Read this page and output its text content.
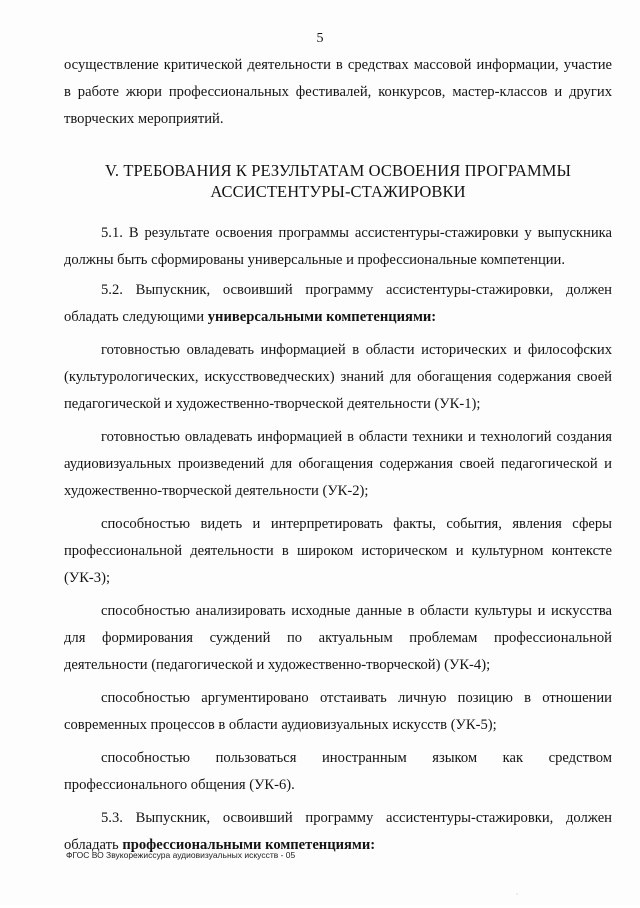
5

осуществление критической деятельности в средствах массовой информации, участие в работе жюри профессиональных фестивалей, конкурсов, мастер-классов и других творческих мероприятий.

V. ТРЕБОВАНИЯ К РЕЗУЛЬТАТАМ ОСВОЕНИЯ ПРОГРАММЫ
АССИСТЕНТУРЫ-СТАЖИРОВКИ

5.1. В результате освоения программы ассистентуры-стажировки у выпускника должны быть сформированы универсальные и профессиональные компетенции.

5.2. Выпускник, освоивший программу ассистентуры-стажировки, должен обладать следующими универсальными компетенциями:

готовностью овладевать информацией в области исторических и философских (культурологических, искусствоведческих) знаний для обогащения содержания своей педагогической и художественно-творческой деятельности (УК-1);

готовностью овладевать информацией в области техники и технологий создания аудиовизуальных произведений для обогащения содержания своей педагогической и художественно-творческой деятельности (УК-2);

способностью видеть и интерпретировать факты, события, явления сферы профессиональной деятельности в широком историческом и культурном контексте (УК-3);

способностью анализировать исходные данные в области культуры и искусства для формирования суждений по актуальным проблемам профессиональной деятельности (педагогической и художественно-творческой) (УК-4);

способностью аргументировано отстаивать личную позицию в отношении современных процессов в области аудиовизуальных искусств (УК-5);

способностью пользоваться иностранным языком как средством профессионального общения (УК-6).

5.3. Выпускник, освоивший программу ассистентуры-стажировки, должен обладать профессиональными компетенциями:

ФГОС ВО Звукорежиссура аудиовизуальных искусств - 05
⸱
